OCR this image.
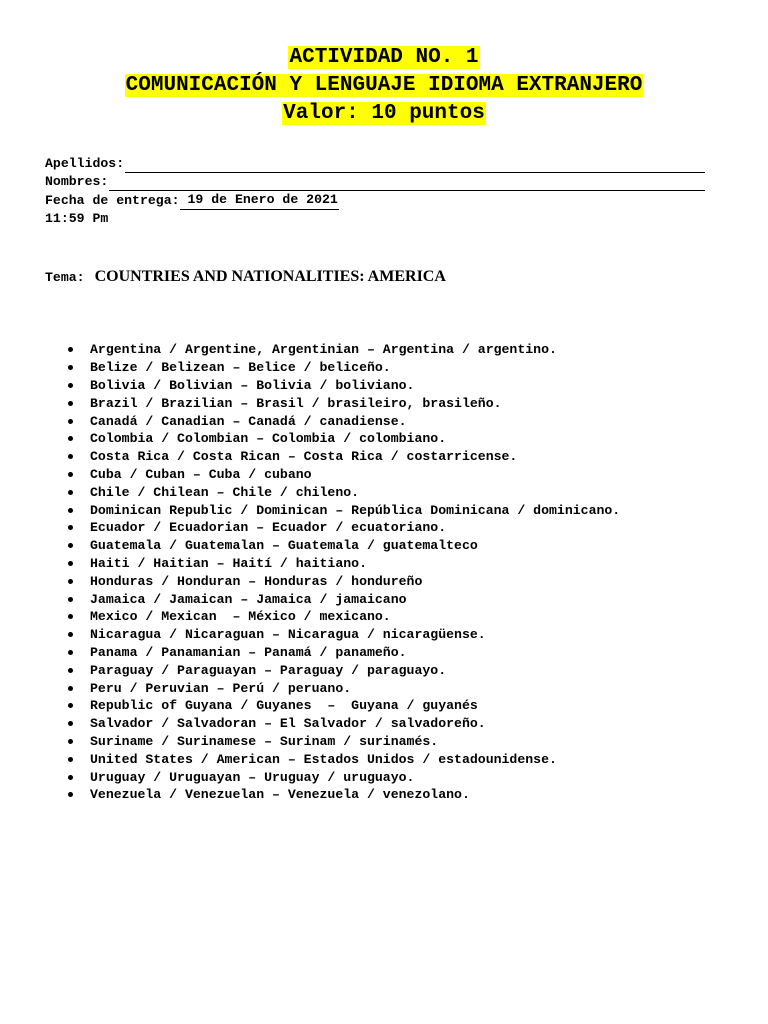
ACTIVIDAD NO. 1
COMUNICACIÓN Y LENGUAJE IDIOMA EXTRANJERO
Valor: 10 puntos
Apellidos:
Nombres:
Fecha de entrega: 19 de Enero de 2021
11:59 Pm
Tema: COUNTRIES AND NATIONALITIES: AMERICA
Argentina / Argentine, Argentinian – Argentina / argentino.
Belize / Belizean – Belice / beliceño.
Bolivia / Bolivian – Bolivia / boliviano.
Brazil / Brazilian – Brasil / brasileiro, brasileño.
Canadá / Canadian – Canadá / canadiense.
Colombia / Colombian – Colombia / colombiano.
Costa Rica / Costa Rican – Costa Rica / costarricense.
Cuba / Cuban – Cuba / cubano
Chile / Chilean – Chile / chileno.
Dominican Republic / Dominican – República Dominicana / dominicano.
Ecuador / Ecuadorian – Ecuador / ecuatoriano.
Guatemala / Guatemalan – Guatemala / guatemalteco
Haiti / Haitian – Haití / haitiano.
Honduras / Honduran – Honduras / hondureño
Jamaica / Jamaican – Jamaica / jamaicano
Mexico / Mexican  – México / mexicano.
Nicaragua / Nicaraguan – Nicaragua / nicaragüense.
Panama / Panamanian – Panamá / panameño.
Paraguay / Paraguayan – Paraguay / paraguayo.
Peru / Peruvian – Perú / peruano.
Republic of Guyana / Guyanes  –  Guyana / guyanés
Salvador / Salvadoran – El Salvador / salvadoreño.
Suriname / Surinamese – Surinam / surinamés.
United States / American – Estados Unidos / estadounidense.
Uruguay / Uruguayan – Uruguay / uruguayo.
Venezuela / Venezuelan – Venezuela / venezolano.
